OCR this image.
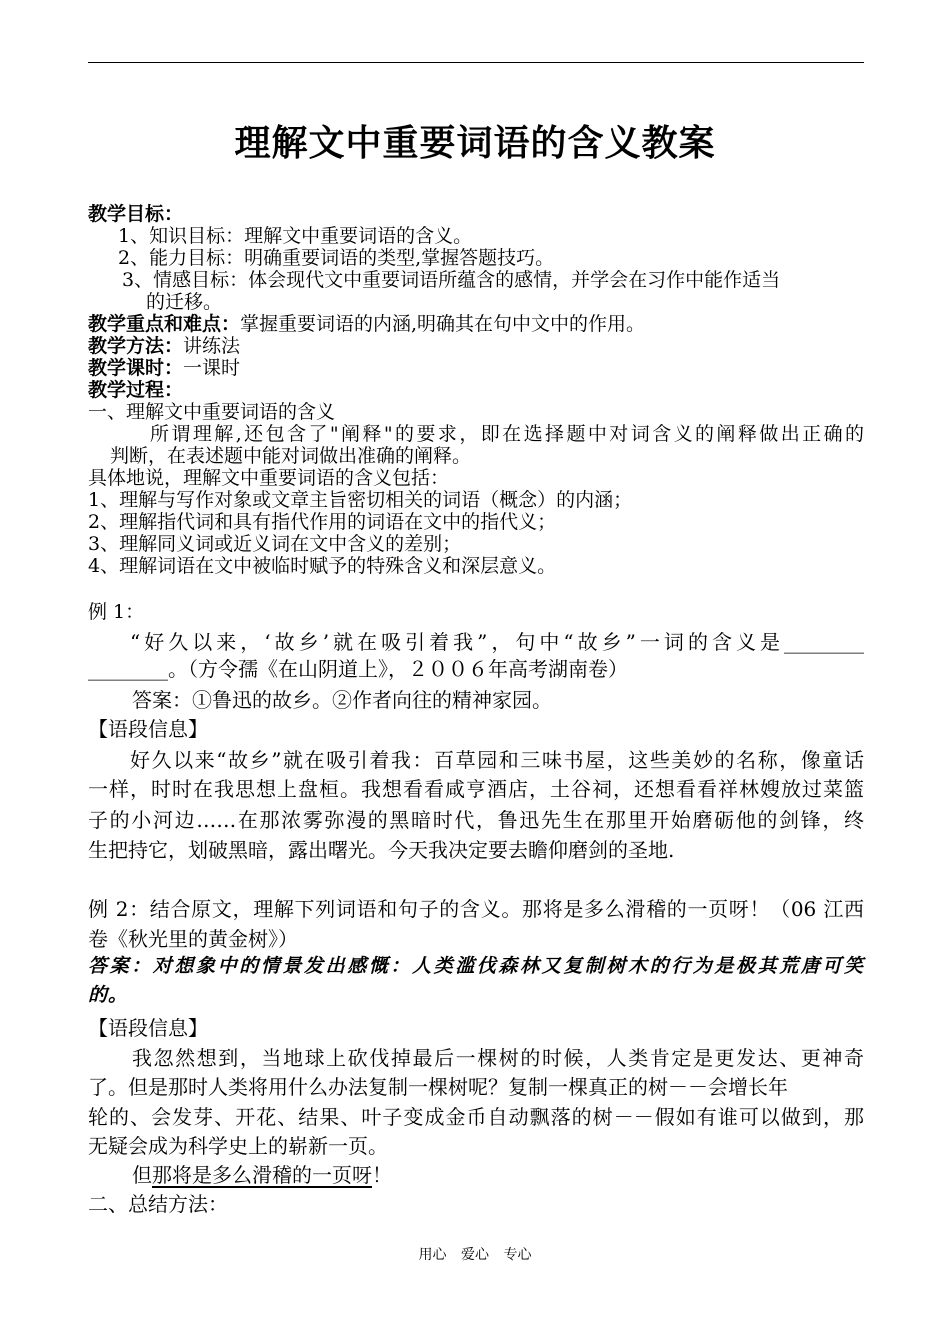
理解文中重要词语的含义教案
教学目标：
1、知识目标：理解文中重要词语的含义。
2、能力目标：明确重要词语的类型,掌握答题技巧。
3、情感目标：体会现代文中重要词语所蕴含的感情，并学会在习作中能作适当
的迁移。
教学重点和难点：掌握重要词语的内涵,明确其在句中文中的作用。
教学方法：讲练法
教学课时：一课时
教学过程：
一、理解文中重要词语的含义
所谓理解,还包含了"阐释"的要求，即在选择题中对词含义的阐释做出正确的
判断，在表述题中能对词做出准确的阐释。
具体地说，理解文中重要词语的含义包括：
1、理解与写作对象或文章主旨密切相关的词语（概念）的内涵；
2、理解指代词和具有指代作用的词语在文中的指代义；
3、理解同义词或近义词在文中含义的差别；
4、理解词语在文中被临时赋予的特殊含义和深层意义。
例 1：
“好久以来，‘故乡’就在吸引着我”，句中“故乡”一词的含义是________
________。（方令孺《在山阴道上》，２００６年高考湖南卷）
答案：①鲁迅的故乡。②作者向往的精神家园。
【语段信息】
好久以来“故乡”就在吸引着我：百草园和三味书屋，这些美妙的名称，像童话
一样，时时在我思想上盘桓。我想看看咸亨酒店，土谷祠，还想看看祥林嫂放过菜篮
子的小河边……在那浓雾弥漫的黑暗时代，鲁迅先生在那里开始磨砺他的剑锋，终
生把持它，划破黑暗，露出曙光。今天我决定要去瞻仰磨剑的圣地.
例 2：结合原文，理解下列词语和句子的含义。那将是多么滑稽的一页呀！（06 江西
卷《秋光里的黄金树》）
答案：对想象中的情景发出感慨：人类滥伐森林又复制树木的行为是极其荒唐可笑
的。
【语段信息】
我忽然想到，当地球上砍伐掉最后一棵树的时候，人类肯定是更发达、更神奇
了。但是那时人类将用什么办法复制一棵树呢？复制一棵真正的树－－会增长年
轮的、会发芽、开花、结果、叶子变成金币自动飘落的树－－假如有谁可以做到，那
无疑会成为科学史上的崭新一页。
但那将是多么滑稽的一页呀！
二、总结方法：
用心 爱心 专心
